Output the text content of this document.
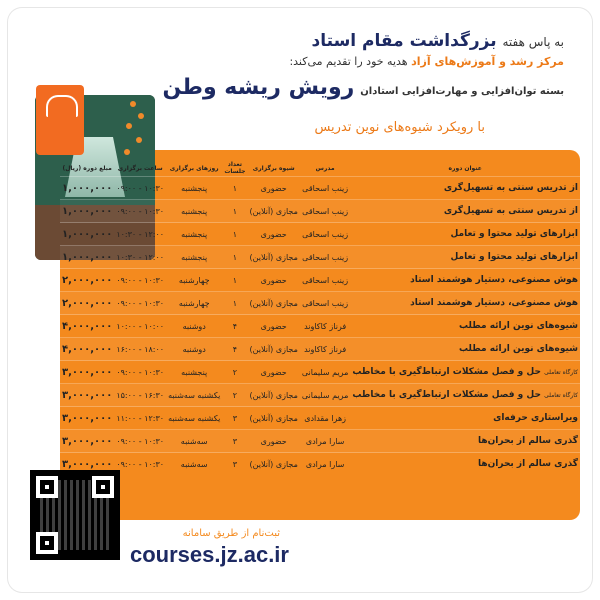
به پاس هفته بزرگداشت مقام استاد
مرکز رشد و آموزش‌های آزاد هدیه خود را تقدیم می‌کند:
بسته توان‌افزایی و مهارت‌افزایی استادان رویش ریشه وطن
با رویکرد شیوه‌های نوین تدریس
عنوان دوره	مدرس	شیوه برگزاری	تعداد جلسات	روزهای برگزاری	ساعت برگزاری	مبلغ دوره (ریال)
از تدریس سنتی به تسهیل‌گری	زینب اسحاقی	حضوری	۱	پنجشنبه	۱۰:۳۰ - ۰۹:۰۰	۱,۰۰۰,۰۰۰
از تدریس سنتی به تسهیل‌گری	زینب اسحاقی	مجازی (آنلاین)	۱	پنجشنبه	۱۰:۳۰ - ۰۹:۰۰	۱,۰۰۰,۰۰۰
ابزارهای تولید محتوا و تعامل	زینب اسحاقی	حضوری	۱	پنجشنبه	۱۲:۰۰ - ۱۰:۳۰	۱,۰۰۰,۰۰۰
ابزارهای تولید محتوا و تعامل	زینب اسحاقی	مجازی (آنلاین)	۱	پنجشنبه	۱۲:۰۰ - ۱۰:۳۰	۱,۰۰۰,۰۰۰
هوش مصنوعی، دستیار هوشمند استاد	زینب اسحاقی	حضوری	۱	چهارشنبه	۱۰:۳۰ - ۰۹:۰۰	۲,۰۰۰,۰۰۰
هوش مصنوعی، دستیار هوشمند استاد	زینب اسحاقی	مجازی (آنلاین)	۱	چهارشنبه	۱۰:۳۰ - ۰۹:۰۰	۲,۰۰۰,۰۰۰
شیوه‌های نوین ارائه مطلب	فرناز کاکاوند	حضوری	۴	دوشنبه	۱۰:۰۰ - ۱۰:۰۰	۴,۰۰۰,۰۰۰
شیوه‌های نوین ارائه مطلب	فرناز کاکاوند	مجازی (آنلاین)	۴	دوشنبه	۱۸:۰۰ - ۱۶:۰۰	۴,۰۰۰,۰۰۰
کارگاه تعاملی حل و فصل مشکلات ارتباط‌گیری با مخاطب	مریم سلیمانی	حضوری	۲	پنجشنبه	۱۰:۳۰ - ۰۹:۰۰	۳,۰۰۰,۰۰۰
کارگاه تعاملی حل و فصل مشکلات ارتباط‌گیری با مخاطب	مریم سلیمانی	مجازی (آنلاین)	۲	یکشنبه سه‌شنبه	۱۶:۳۰ - ۱۵:۰۰	۳,۰۰۰,۰۰۰
ویراستاری حرفه‌ای	زهرا مقدادی	مجازی (آنلاین)	۳	یکشنبه سه‌شنبه	۱۲:۳۰ - ۱۱:۰۰	۳,۰۰۰,۰۰۰
گذری سالم از بحران‌ها	سارا مرادی	حضوری	۳	سه‌شنبه	۱۰:۳۰ - ۰۹:۰۰	۳,۰۰۰,۰۰۰
گذری سالم از بحران‌ها	سارا مرادی	مجازی (آنلاین)	۳	سه‌شنبه	۱۰:۳۰ - ۰۹:۰۰	۳,۰۰۰,۰۰۰
ثبت‌نام از طریق سامانه
courses.jz.ac.ir
